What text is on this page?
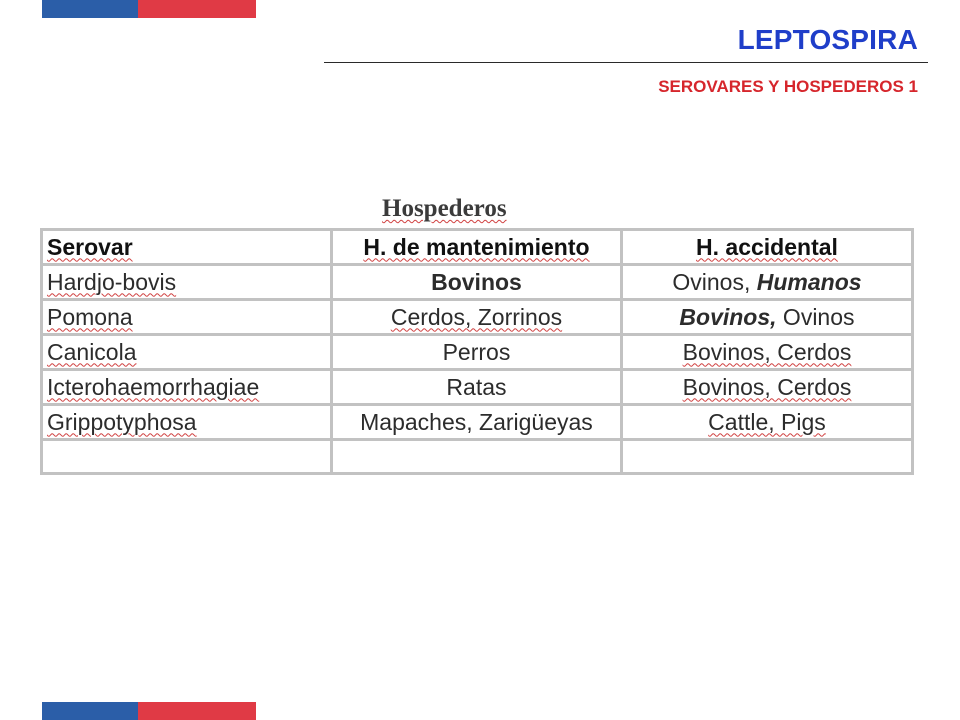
LEPTOSPIRA
SEROVARES Y HOSPEDEROS 1
Hospederos
Serovar	H. de mantenimiento	H. accidental
Hardjo-bovis	Bovinos	Ovinos, Humanos
Pomona	Cerdos, Zorrinos	Bovinos, Ovinos
Canicola	Perros	Bovinos, Cerdos
Icterohaemorrhagiae	Ratas	Bovinos, Cerdos
Grippotyphosa	Mapaches, Zarigüeyas	Cattle, Pigs
